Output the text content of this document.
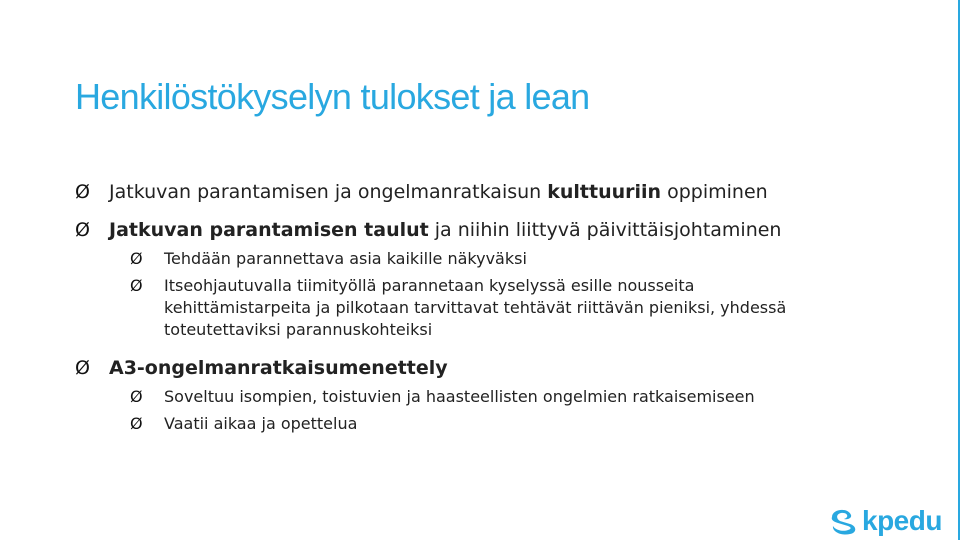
Henkilöstökyselyn tulokset ja lean
Ø	Jatkuvan parantamisen ja ongelmanratkaisun kulttuuriin oppiminen
Ø	Jatkuvan parantamisen taulut ja niihin liittyvä päivittäisjohtaminen
Ø	Tehdään parannettava asia kaikille näkyväksi
Ø	Itseohjautuvalla tiimityöllä parannetaan kyselyssä esille nousseita kehittämistarpeita ja pilkotaan tarvittavat tehtävät riittävän pieniksi, yhdessä toteutettaviksi parannuskohteiksi
Ø	A3-ongelmanratkaisumenettely
Ø	Soveltuu isompien, toistuvien ja haasteellisten ongelmien ratkaisemiseen
Ø	Vaatii aikaa ja opettelua
kpedu
